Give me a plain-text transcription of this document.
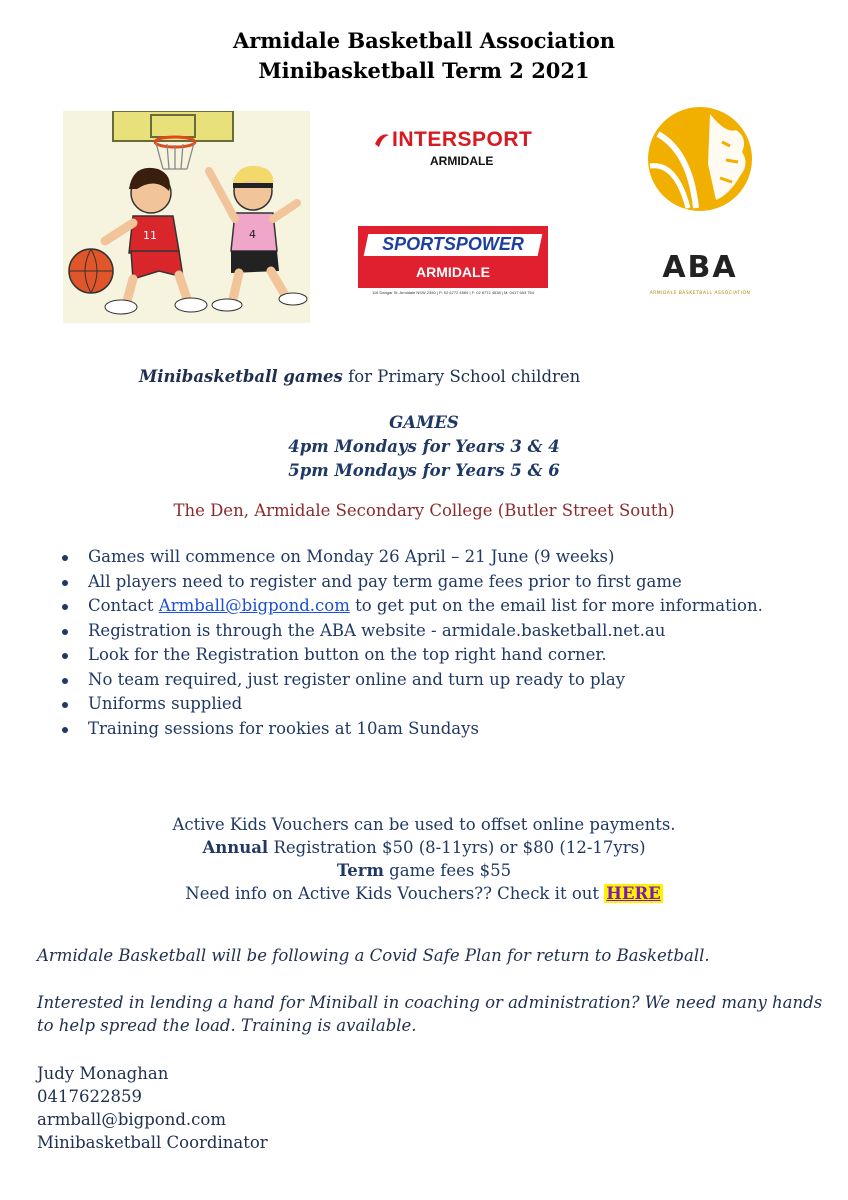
Armidale Basketball Association
Minibasketball Term 2 2021
11	4
INTERSPORT
ARMIDALE
SPORTSPOWER
ARMIDALE
116 Dangar St, Armidale NSW 2350 | P: 02 6772 4569 | F: 02 6772 4538 | M: 0417 653 754
ABA
ARMIDALE BASKETBALL ASSOCIATION
Minibasketball games for Primary School children
GAMES
4pm Mondays for Years 3 & 4
5pm Mondays for Years 5 & 6
The Den, Armidale Secondary College (Butler Street South)
Games will commence on Monday 26 April – 21 June (9 weeks)
All players need to register and pay term game fees prior to first game
Contact Armball@bigpond.com to get put on the email list for more information.
Registration is through the ABA website - armidale.basketball.net.au
Look for the Registration button on the top right hand corner.
No team required, just register online and turn up ready to play
Uniforms supplied
Training sessions for rookies at 10am Sundays
Active Kids Vouchers can be used to offset online payments.
Annual Registration $50 (8-11yrs) or $80 (12-17yrs)
Term game fees $55
Need info on Active Kids Vouchers?? Check it out HERE
Armidale Basketball will be following a Covid Safe Plan for return to Basketball.
Interested in lending a hand for Miniball in coaching or administration? We need many hands
to help spread the load. Training is available.
Judy Monaghan
0417622859
armball@bigpond.com
Minibasketball Coordinator
